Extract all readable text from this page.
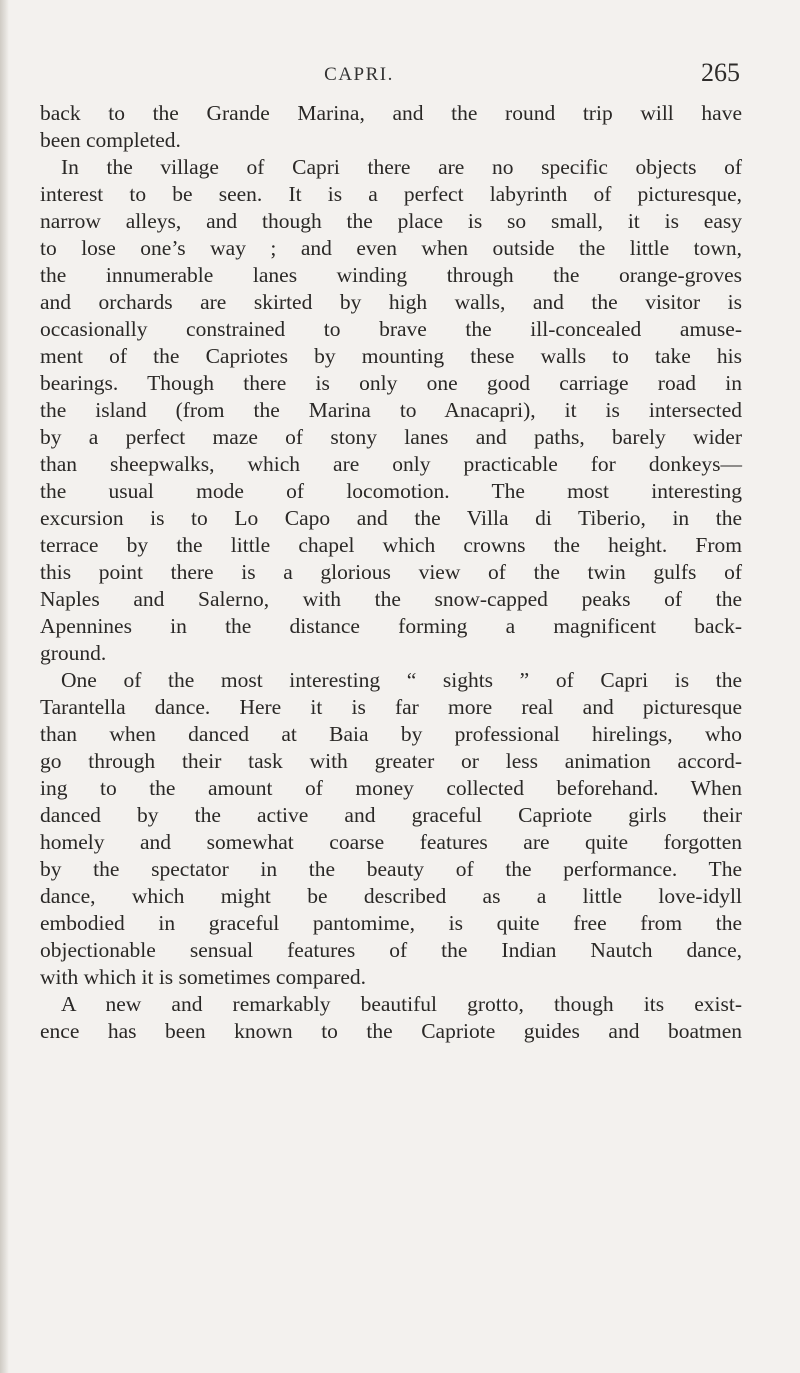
CAPRI.	265
back to the Grande Marina, and the round trip will have
been completed.
In the village of Capri there are no specific objects of
interest to be seen. It is a perfect labyrinth of picturesque,
narrow alleys, and though the place is so small, it is easy
to lose one’s way ; and even when outside the little town,
the innumerable lanes winding through the orange-groves
and orchards are skirted by high walls, and the visitor is
occasionally constrained to brave the ill-concealed amuse-
ment of the Capriotes by mounting these walls to take his
bearings. Though there is only one good carriage road in
the island (from the Marina to Anacapri), it is intersected
by a perfect maze of stony lanes and paths, barely wider
than sheepwalks, which are only practicable for donkeys—
the usual mode of locomotion. The most interesting
excursion is to Lo Capo and the Villa di Tiberio, in the
terrace by the little chapel which crowns the height. From
this point there is a glorious view of the twin gulfs of
Naples and Salerno, with the snow-capped peaks of the
Apennines in the distance forming a magnificent back-
ground.
One of the most interesting “ sights ” of Capri is the
Tarantella dance. Here it is far more real and picturesque
than when danced at Baia by professional hirelings, who
go through their task with greater or less animation accord-
ing to the amount of money collected beforehand. When
danced by the active and graceful Capriote girls their
homely and somewhat coarse features are quite forgotten
by the spectator in the beauty of the performance. The
dance, which might be described as a little love-idyll
embodied in graceful pantomime, is quite free from the
objectionable sensual features of the Indian Nautch dance,
with which it is sometimes compared.
A new and remarkably beautiful grotto, though its exist-
ence has been known to the Capriote guides and boatmen
